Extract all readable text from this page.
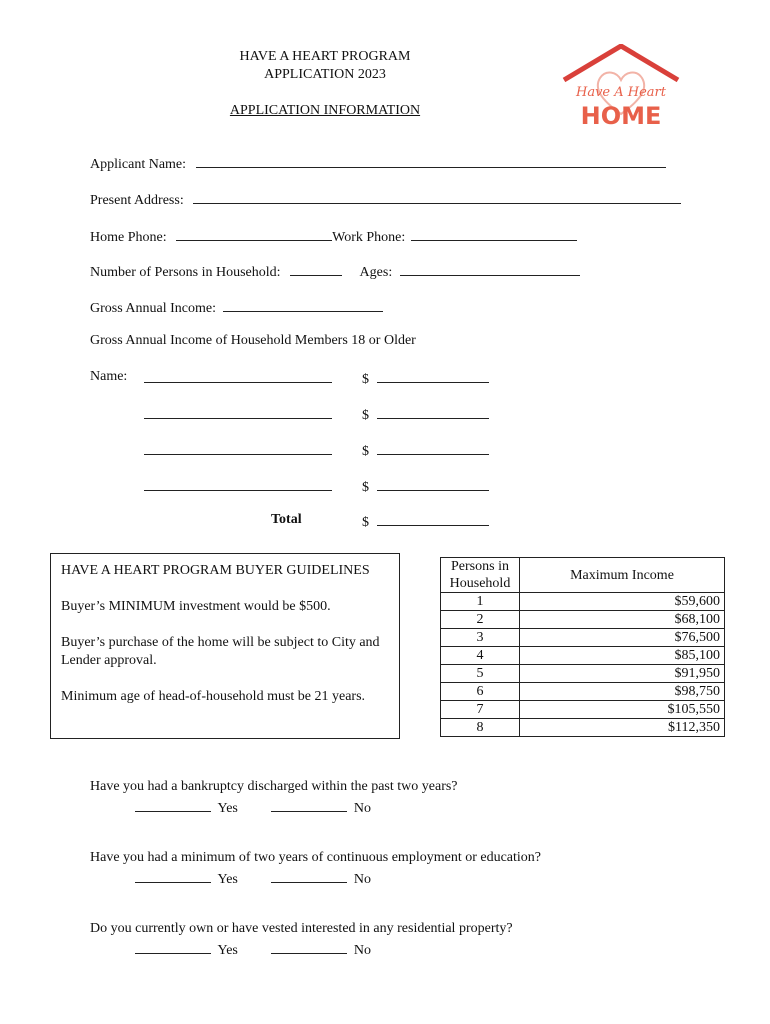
HAVE A HEART PROGRAM
APPLICATION 2023
APPLICATION INFORMATION
Have A Heart
HOME
Applicant Name:
Present Address:
Home Phone:	Work Phone:
Number of Persons in Household:	Ages:
Gross Annual Income:
Gross Annual Income of Household Members 18 or Older
Name:	$
$
$
$
Total	$

HAVE A HEART PROGRAM BUYER GUIDELINES

Buyer’s MINIMUM investment would be $500.

Buyer’s purchase of the home will be subject to City and Lender approval.

Minimum age of head-of-household must be 21 years.

Persons in Household	Maximum Income
1	$59,600
2	$68,100
3	$76,500
4	$85,100
5	$91,950
6	$98,750
7	$105,550
8	$112,350
Have you had a bankruptcy discharged within the past two years?
Yes	No
Have you had a minimum of two years of continuous employment or education?
Yes	No
Do you currently own or have vested interested in any residential property?
Yes	No
